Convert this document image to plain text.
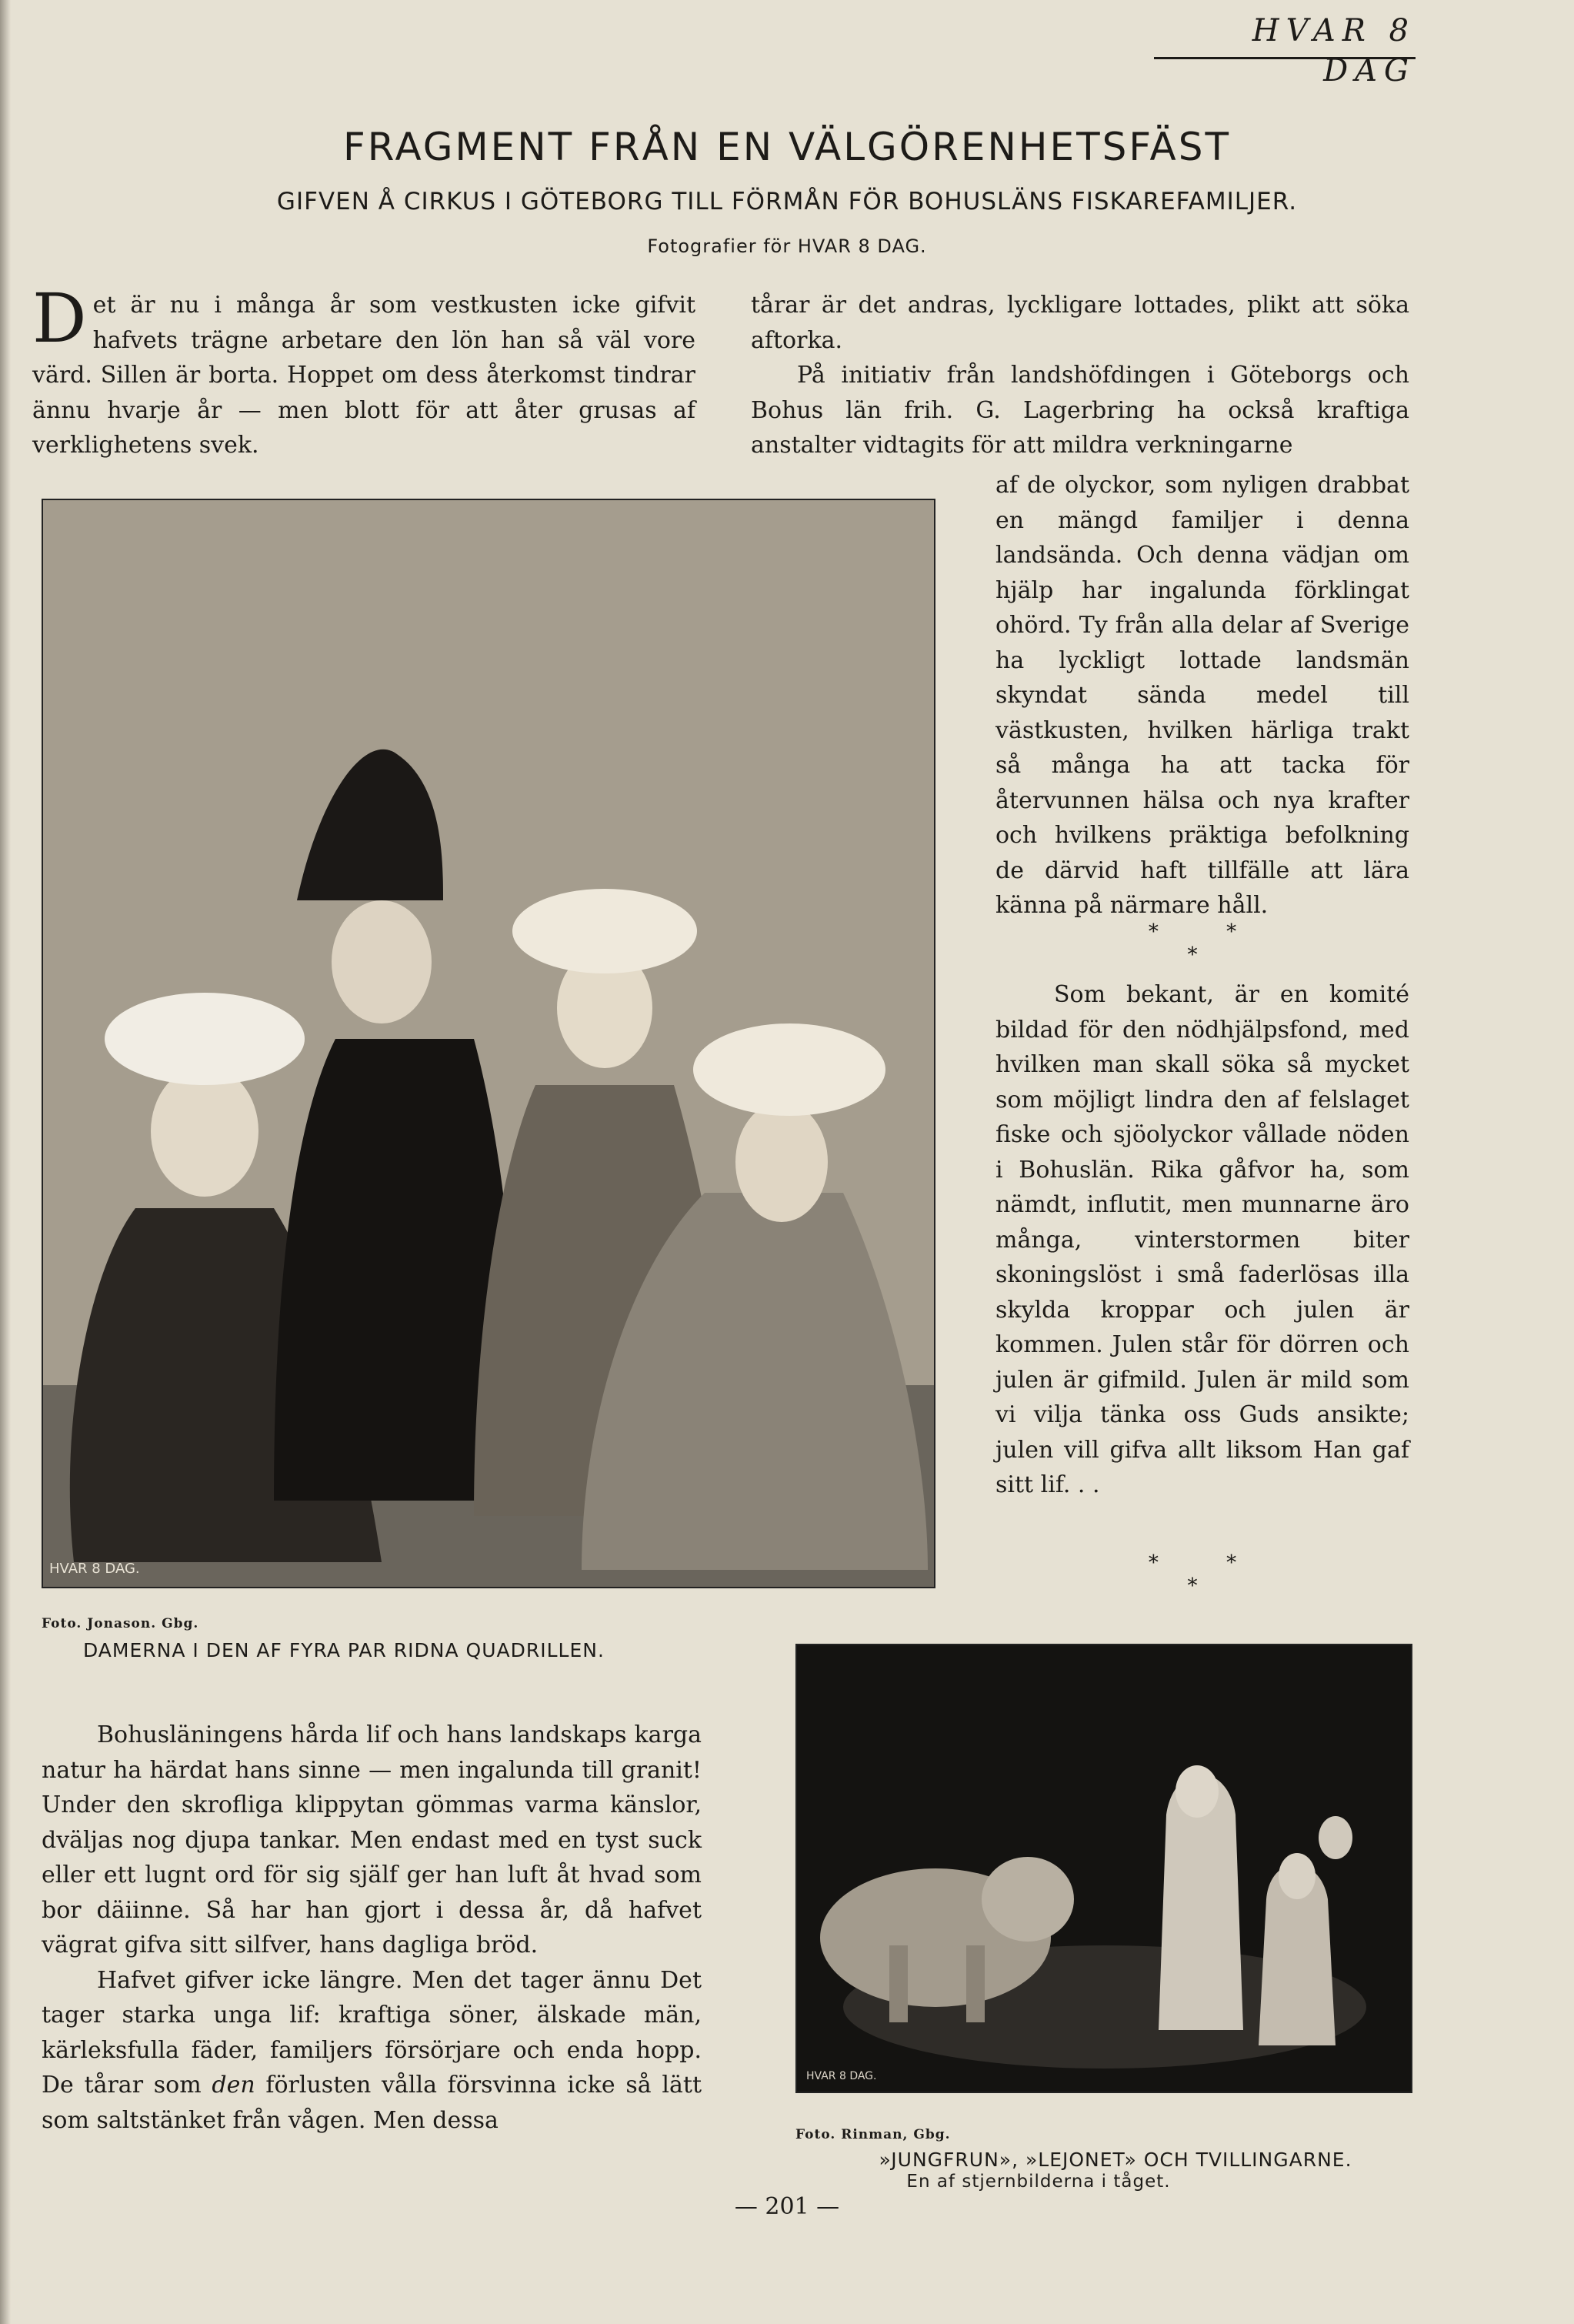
HVAR 8 DAG
FRAGMENT FRÅN EN VÄLGÖRENHETSFÄST
GIFVEN Å CIRKUS I GÖTEBORG TILL FÖRMÅN FÖR BOHUSLÄNS FISKAREFAMILJER.
Fotografier för HVAR 8 DAG.
Det är nu i många år som vestkusten icke gifvit hafvets trägne arbetare den lön han så väl vore värd. Sillen är borta. Hoppet om dess återkomst tindrar ännu hvarje år — men blott för att åter grusas af verklighetens svek.
tårar är det andras, lyckligare lottades, plikt att söka aftorka.
På initiativ från landshöfdingen i Göteborgs och Bohus län frih. G. Lagerbring ha också kraftiga anstalter vidtagits för att mildra verkningarne
HVAR 8 DAG.
af de olyckor, som nyligen drabbat en mängd familjer i denna landsända. Och denna vädjan om hjälp har ingalunda förklingat ohörd. Ty från alla delar af Sverige ha lyckligt lottade landsmän skyndat sända medel till västkusten, hvilken härliga trakt så många ha att tacka för återvunnen hälsa och nya krafter och hvilkens präktiga befolkning de därvid haft tillfälle att lära känna på närmare håll.
* * *
Som bekant, är en komité bildad för den nödhjälpsfond, med hvilken man skall söka så mycket som möjligt lindra den af felslaget fiske och sjöolyckor vållade nöden i Bohuslän. Rika gåfvor ha, som nämdt, influtit, men munnarne äro många, vinterstormen biter skoningslöst i små faderlösas illa skylda kroppar och julen är kommen. Julen står för dörren och julen är gifmild. Julen är mild som vi vilja tänka oss Guds ansikte; julen vill gifva allt liksom Han gaf sitt lif. . .
* * *
Foto. Jonason. Gbg.
DAMERNA I DEN AF FYRA PAR RIDNA QUADRILLEN.
Bohusläningens hårda lif och hans landskaps karga natur ha härdat hans sinne — men ingalunda till granit! Under den skrofliga klippytan gömmas varma känslor, dväljas nog djupa tankar. Men endast med en tyst suck eller ett lugnt ord för sig själf ger han luft åt hvad som bor däiinne. Så har han gjort i dessa år, då hafvet vägrat gifva sitt silfver, hans dagliga bröd.
Hafvet gifver icke längre. Men det tager ännu Det tager starka unga lif: kraftiga söner, älskade män, kärleksfulla fäder, familjers försörjare och enda hopp. De tårar som den förlusten vålla försvinna icke så lätt som saltstänket från vågen. Men dessa
HVAR 8 DAG.
Foto. Rinman, Gbg.
»JUNGFRUN», »LEJONET» OCH TVILLINGARNE.
En af stjernbilderna i tåget.
— 201 —
